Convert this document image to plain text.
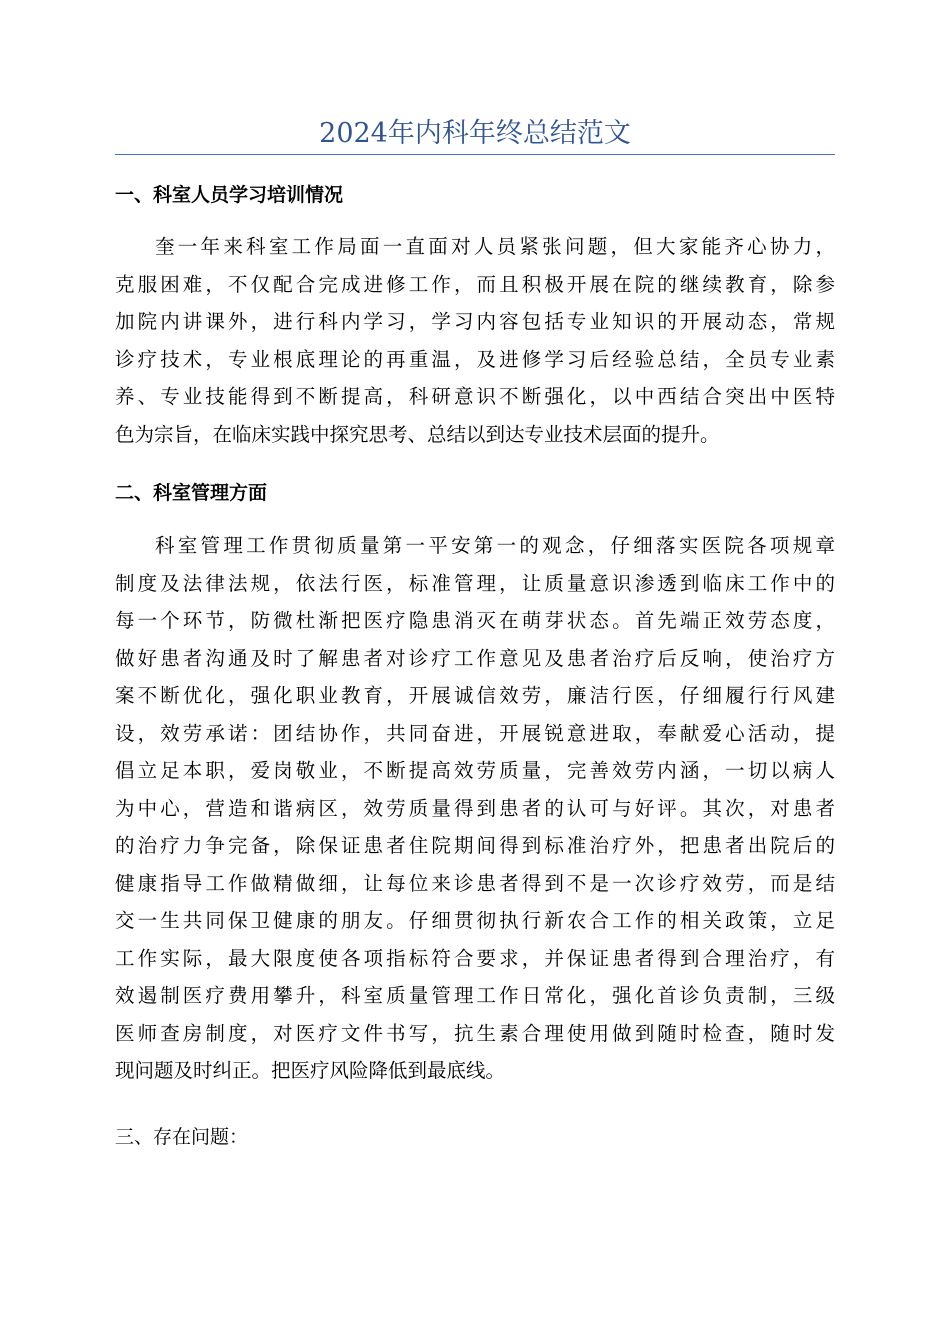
2024年内科年终总结范文
一、科室人员学习培训情况
奎一年来科室工作局面一直面对人员紧张问题，但大家能齐心协力，
克服困难，不仅配合完成进修工作，而且积极开展在院的继续教育，除参
加院内讲课外，进行科内学习，学习内容包括专业知识的开展动态，常规
诊疗技术，专业根底理论的再重温，及进修学习后经验总结，全员专业素
养、专业技能得到不断提高，科研意识不断强化，以中西结合突出中医特
色为宗旨，在临床实践中探究思考、总结以到达专业技术层面的提升。
二、科室管理方面
科室管理工作贯彻质量第一平安第一的观念，仔细落实医院各项规章
制度及法律法规，依法行医，标准管理，让质量意识渗透到临床工作中的
每一个环节，防微杜渐把医疗隐患消灭在萌芽状态。首先端正效劳态度，
做好患者沟通及时了解患者对诊疗工作意见及患者治疗后反响，使治疗方
案不断优化，强化职业教育，开展诚信效劳，廉洁行医，仔细履行行风建
设，效劳承诺：团结协作，共同奋进，开展锐意进取，奉献爱心活动，提
倡立足本职，爱岗敬业，不断提高效劳质量，完善效劳内涵，一切以病人
为中心，营造和谐病区，效劳质量得到患者的认可与好评。其次，对患者
的治疗力争完备，除保证患者住院期间得到标准治疗外，把患者出院后的
健康指导工作做精做细，让每位来诊患者得到不是一次诊疗效劳，而是结
交一生共同保卫健康的朋友。仔细贯彻执行新农合工作的相关政策，立足
工作实际，最大限度使各项指标符合要求，并保证患者得到合理治疗，有
效遏制医疗费用攀升，科室质量管理工作日常化，强化首诊负责制，三级
医师查房制度，对医疗文件书写，抗生素合理使用做到随时检查，随时发
现问题及时纠正。把医疗风险降低到最底线。
三、存在问题：
